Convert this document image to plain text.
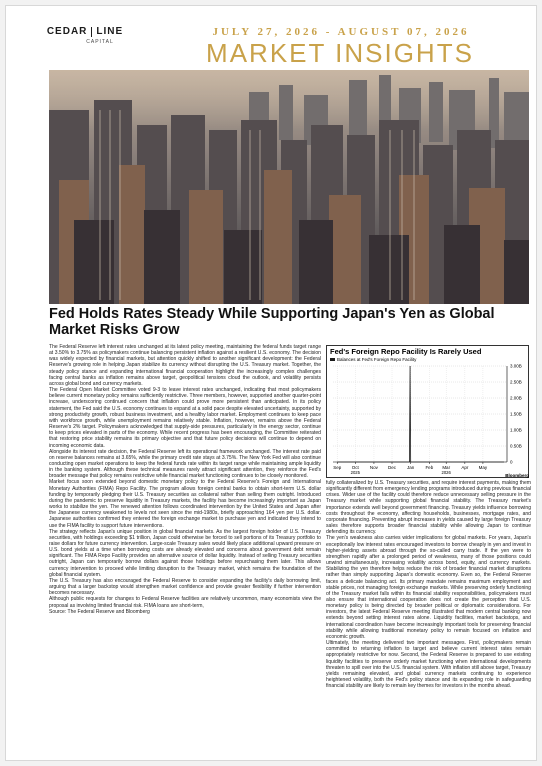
CEDAR LINE
CAPITAL
JULY 27, 2026 - AUGUST 07, 2026
MARKET INSIGHTS
Fed Holds Rates Steady While Supporting Japan's Yen as Global Market Risks Grow

The Federal Reserve left interest rates unchanged at its latest policy meeting, maintaining the federal funds target range at 3.50% to 3.75% as policymakers continue balancing persistent inflation against a resilient U.S. economy. The decision was widely expected by financial markets, but attention quickly shifted to another significant development: the Federal Reserve's growing role in helping Japan stabilize its currency without disrupting the U.S. Treasury market. Together, the steady policy stance and expanding international financial cooperation highlight the increasingly complex challenges facing central banks as inflation remains above target, geopolitical tensions cloud the outlook, and volatility persists across global bond and currency markets.

The Federal Open Market Committee voted 9-3 to leave interest rates unchanged, indicating that most policymakers believe current monetary policy remains sufficiently restrictive. Three members, however, supported another quarter-point increase, underscoring continued concern that inflation could prove more persistent than anticipated. In its policy statement, the Fed said the U.S. economy continues to expand at a solid pace despite elevated uncertainty, supported by strong productivity growth, robust business investment, and a healthy labor market. Employment continues to keep pace with workforce growth, while unemployment remains relatively stable. Inflation, however, remains above the Federal Reserve's 2% target. Policymakers acknowledged that supply-side pressures, particularly in the energy sector, continue to keep prices elevated in parts of the economy. While recent progress has been encouraging, the Committee reiterated that restoring price stability remains its primary objective and that future policy decisions will continue to depend on incoming economic data.

Alongside its interest rate decision, the Federal Reserve left its operational framework unchanged. The interest rate paid on reserve balances remains at 3.65%, while the primary credit rate stays at 3.75%. The New York Fed will also continue conducting open market operations to keep the federal funds rate within its target range while maintaining ample liquidity in the banking system. Although these technical measures rarely attract significant attention, they reinforce the Fed's broader message that policy remains restrictive while financial market functioning continues to be closely monitored.

Market focus soon extended beyond domestic monetary policy to the Federal Reserve's Foreign and International Monetary Authorities (FIMA) Repo Facility. The program allows foreign central banks to obtain short-term U.S. dollar funding by temporarily pledging their U.S. Treasury securities as collateral rather than selling them outright. Introduced during the pandemic to preserve liquidity in Treasury markets, the facility has become increasingly important as Japan works to stabilize the yen. The renewed attention follows coordinated intervention by the United States and Japan after the Japanese currency weakened to levels not seen since the mid-1980s, briefly approaching 164 yen per U.S. dollar. Japanese authorities confirmed they entered the foreign exchange market to purchase yen and indicated they intend to use the FIMA facility to support future interventions.

The strategy reflects Japan's unique position in global financial markets. As the largest foreign holder of U.S. Treasury securities, with holdings exceeding $1 trillion, Japan could otherwise be forced to sell portions of its Treasury portfolio to raise dollars for future currency intervention. Large-scale Treasury sales would likely place additional upward pressure on U.S. bond yields at a time when borrowing costs are already elevated and concerns about government debt remain significant. The FIMA Repo Facility provides an alternative source of dollar liquidity. Instead of selling Treasury securities outright, Japan can temporarily borrow dollars against those holdings before repurchasing them later. This allows currency intervention to proceed while limiting disruption to the Treasury market, which remains the foundation of the global financial system.

The U.S. Treasury has also encouraged the Federal Reserve to consider expanding the facility's daily borrowing limit, arguing that a larger backstop would strengthen market confidence and provide greater flexibility if further intervention becomes necessary.

Although public requests for changes to Federal Reserve facilities are relatively uncommon, many economists view the proposal as involving limited financial risk. FIMA loans are short-term,

Source: The Federal Reserve and Bloomberg

Fed's Foreign Repo Facility Is Rarely Used
Balances at Fed's Foreign Repo Facility
3.00B
2.50B
2.00B
1.50B
1.00B
0.50B
0
Sep Oct Nov Dec Jan Feb Mar	Apr May
2025	2026
Bloomberg

fully collateralized by U.S. Treasury securities, and require interest payments, making them significantly different from emergency lending programs introduced during previous financial crises. Wider use of the facility could therefore reduce unnecessary selling pressure in the Treasury market while supporting global financial stability. The Treasury market's importance extends well beyond government financing. Treasury yields influence borrowing costs throughout the economy, affecting households, businesses, mortgage rates, and corporate financing. Preventing abrupt increases in yields caused by large foreign Treasury sales therefore supports broader financial stability while allowing Japan to continue defending its currency.

The yen's weakness also carries wider implications for global markets. For years, Japan's exceptionally low interest rates encouraged investors to borrow cheaply in yen and invest in higher-yielding assets abroad through the so-called carry trade. If the yen were to strengthen rapidly after a prolonged period of weakness, many of those positions could unwind simultaneously, increasing volatility across bond, equity, and currency markets. Stabilizing the yen therefore helps reduce the risk of broader financial market disruptions rather than simply supporting Japan's domestic economy. Even so, the Federal Reserve faces a delicate balancing act. Its primary mandate remains maximum employment and stable prices, not managing foreign exchange markets. While preserving orderly functioning of the Treasury market falls within its financial stability responsibilities, policymakers must also ensure that international cooperation does not create the perception that U.S. monetary policy is being directed by broader political or diplomatic considerations. For investors, the latest Federal Reserve meeting illustrated that modern central banking now extends beyond setting interest rates alone. Liquidity facilities, market backstops, and international coordination have become increasingly important tools for preserving financial stability while allowing traditional monetary policy to remain focused on inflation and economic growth.

Ultimately, the meeting delivered two important messages. First, policymakers remain committed to returning inflation to target and believe current interest rates remain appropriately restrictive for now. Second, the Federal Reserve is prepared to use existing liquidity facilities to preserve orderly market functioning when international developments threaten to spill over into the U.S. financial system. With inflation still above target, Treasury yields remaining elevated, and global currency markets continuing to experience heightened volatility, both the Fed's policy stance and its expanding role in safeguarding financial stability are likely to remain key themes for investors in the months ahead.
